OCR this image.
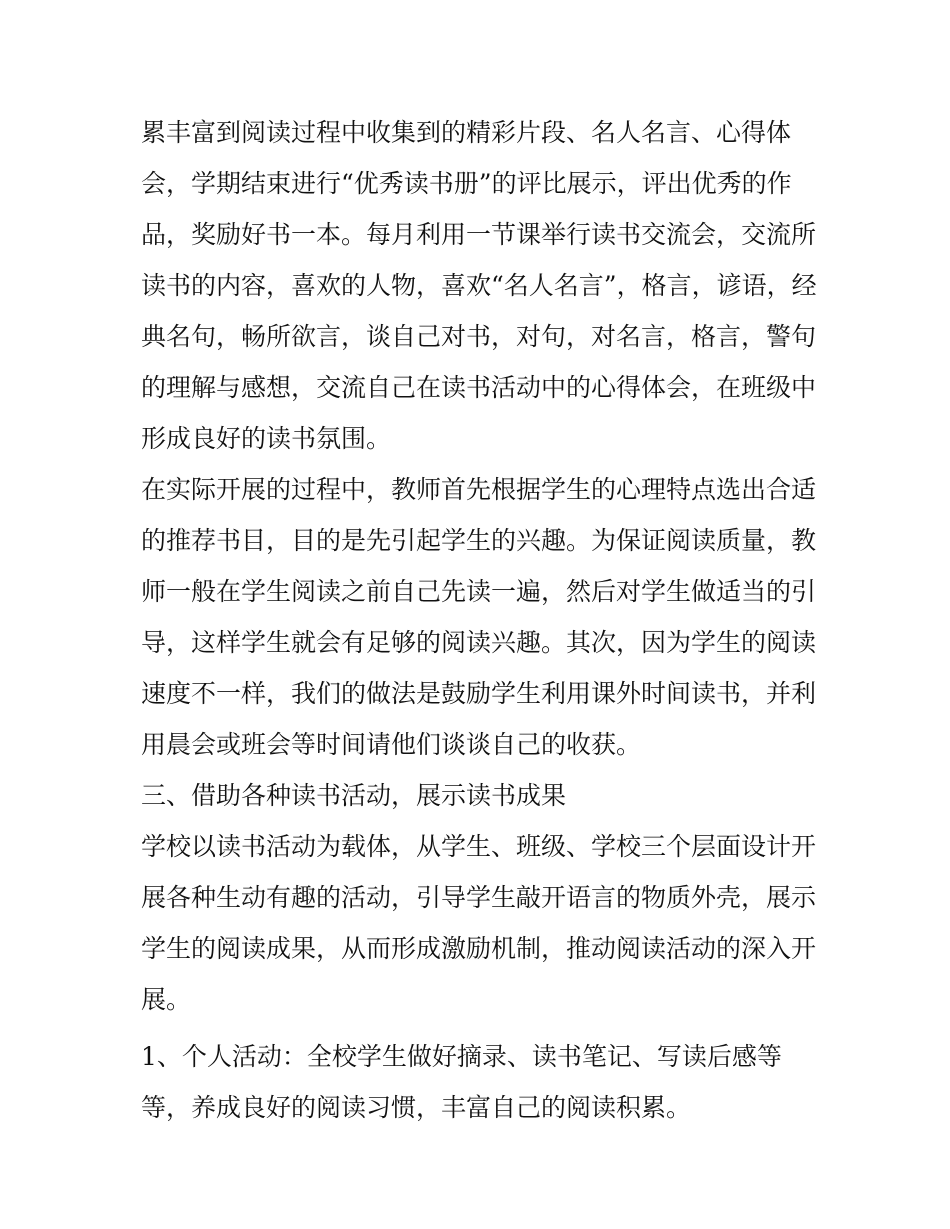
累丰富到阅读过程中收集到的精彩片段、名人名言、心得体
会，学期结束进行“优秀读书册”的评比展示，评出优秀的作
品，奖励好书一本。每月利用一节课举行读书交流会，交流所
读书的内容，喜欢的人物，喜欢“名人名言”，格言，谚语，经
典名句，畅所欲言，谈自己对书，对句，对名言，格言，警句
的理解与感想，交流自己在读书活动中的心得体会，在班级中
形成良好的读书氛围。
在实际开展的过程中，教师首先根据学生的心理特点选出合适
的推荐书目，目的是先引起学生的兴趣。为保证阅读质量，教
师一般在学生阅读之前自己先读一遍，然后对学生做适当的引
导，这样学生就会有足够的阅读兴趣。其次，因为学生的阅读
速度不一样，我们的做法是鼓励学生利用课外时间读书，并利
用晨会或班会等时间请他们谈谈自己的收获。
三、借助各种读书活动，展示读书成果
学校以读书活动为载体，从学生、班级、学校三个层面设计开
展各种生动有趣的活动，引导学生敲开语言的物质外壳，展示
学生的阅读成果，从而形成激励机制，推动阅读活动的深入开
展。
1、个人活动：全校学生做好摘录、读书笔记、写读后感等
等，养成良好的阅读习惯，丰富自己的阅读积累。
